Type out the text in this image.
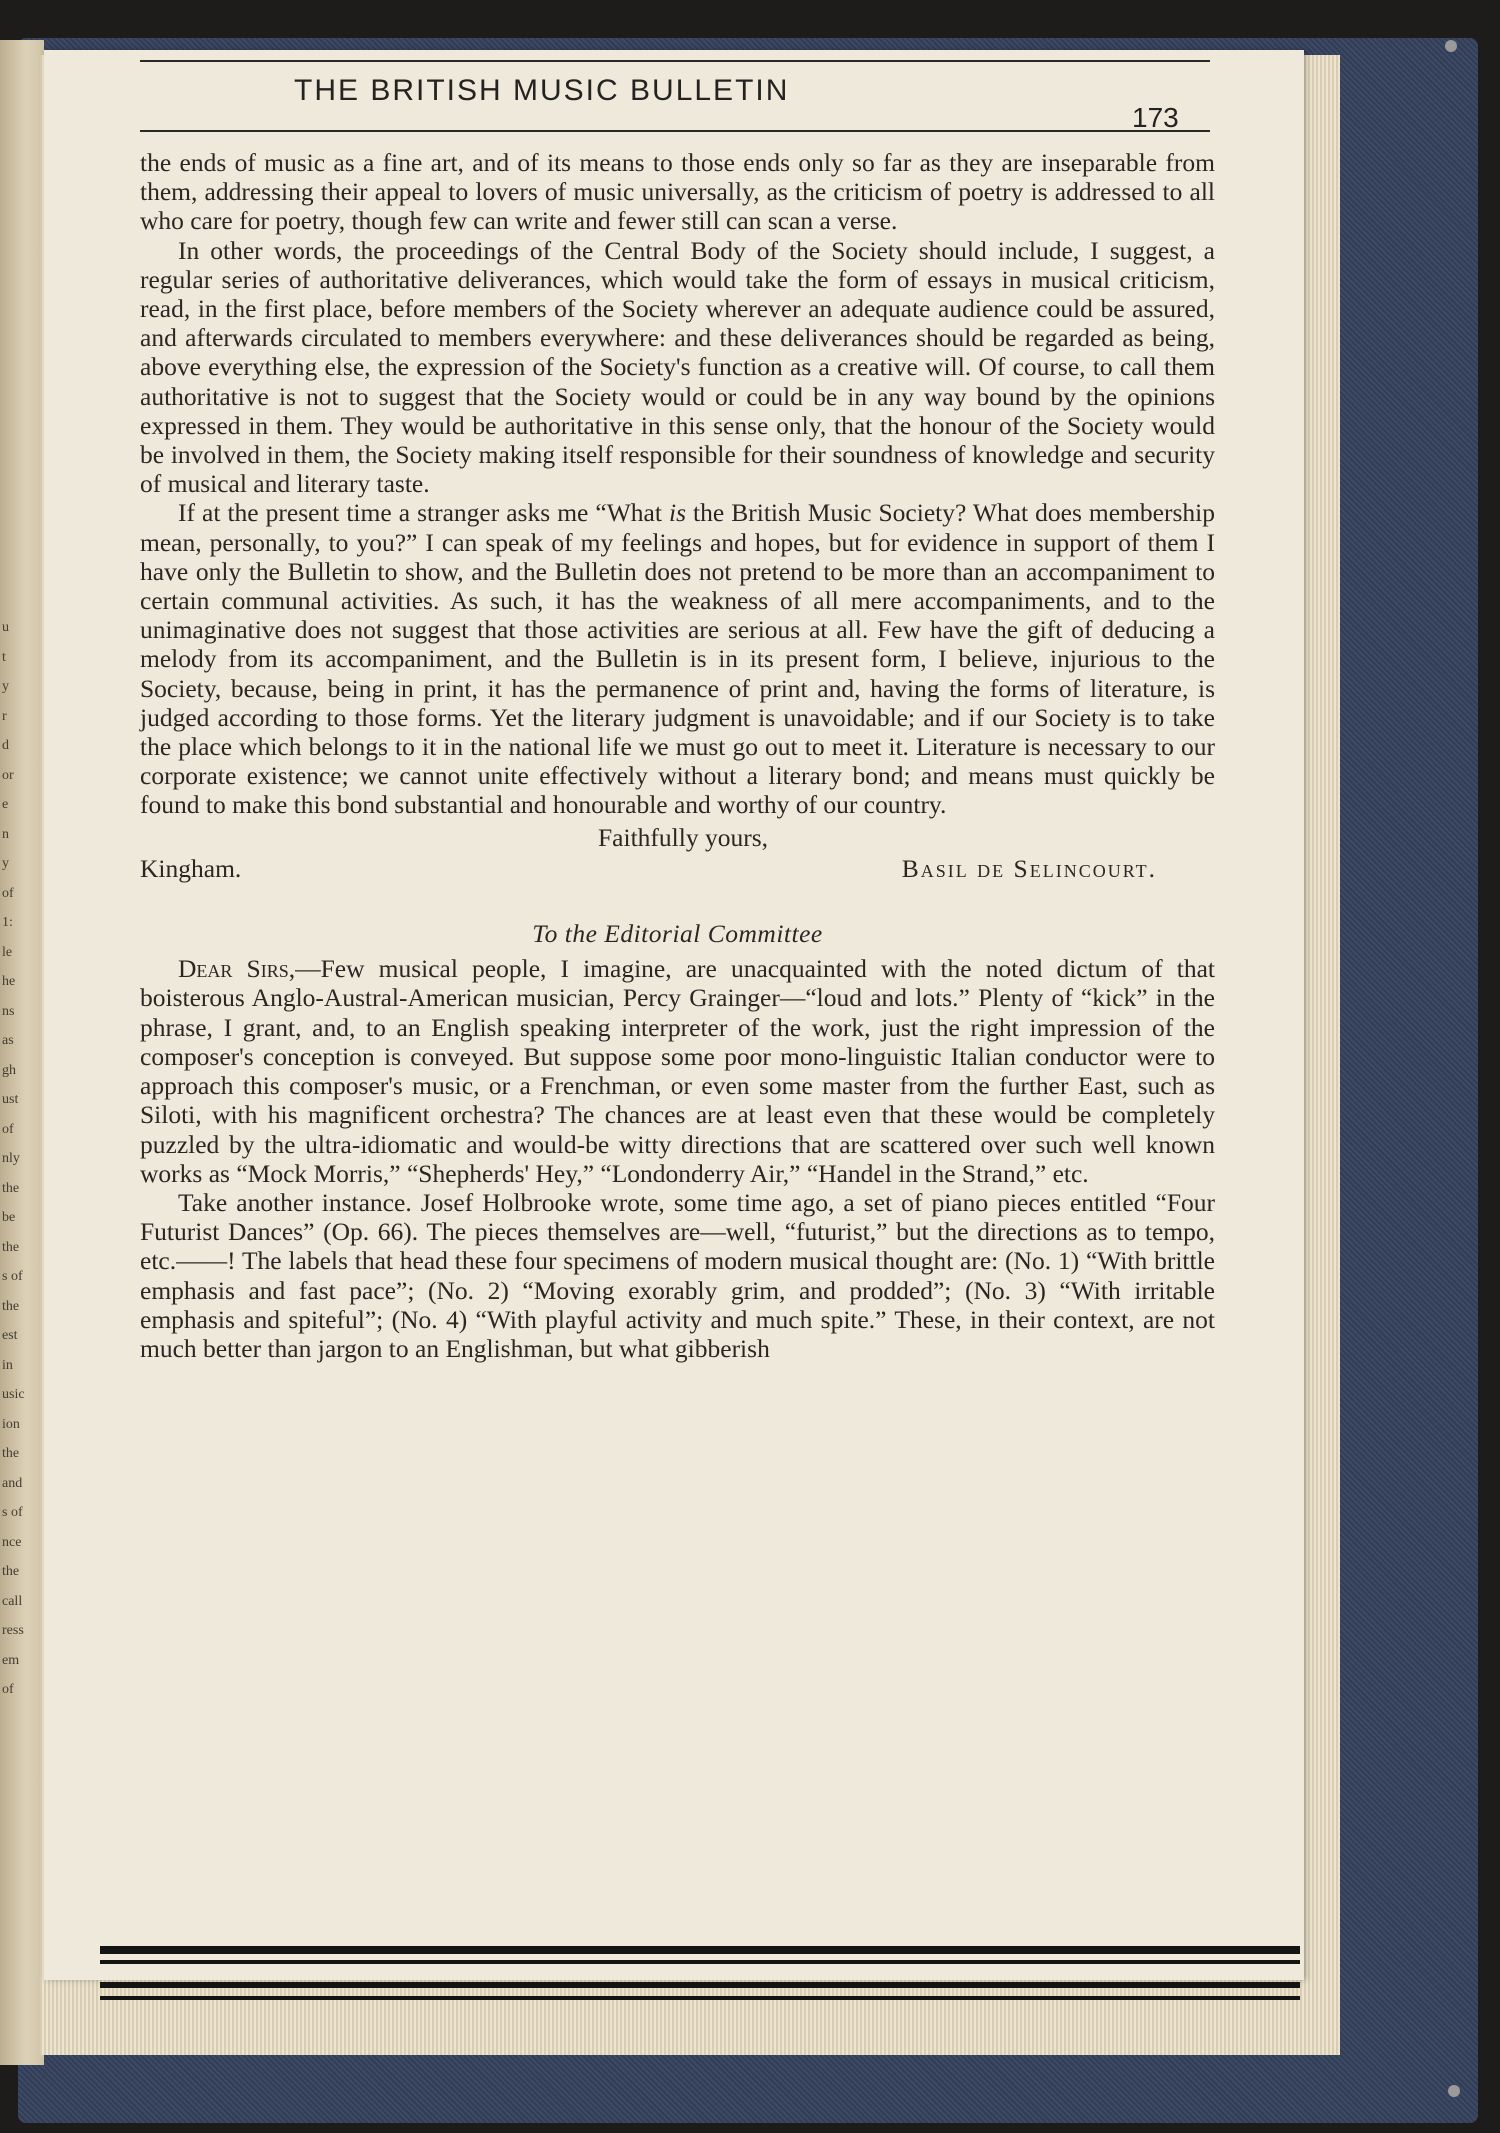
u
t
y
r
d
or
e
n
y
of
1:
le
he
ns
as
gh
ust
of
nly
the
be
the
s of
the
est
in
usic
ion
the
and
s of
nce
the
call
ress
em
of
THE BRITISH MUSIC BULLETIN
173

the ends of music as a fine art, and of its means to those ends only so far as they are inseparable from them, addressing their appeal to lovers of music universally, as the criticism of poetry is addressed to all who care for poetry, though few can write and fewer still can scan a verse.

In other words, the proceedings of the Central Body of the Society should include, I suggest, a regular series of authoritative deliverances, which would take the form of essays in musical criticism, read, in the first place, before members of the Society wherever an adequate audience could be assured, and afterwards circulated to members everywhere: and these deliverances should be regarded as being, above everything else, the expression of the Society's function as a creative will. Of course, to call them authoritative is not to suggest that the Society would or could be in any way bound by the opinions expressed in them. They would be authoritative in this sense only, that the honour of the Society would be involved in them, the Society making itself responsible for their soundness of knowledge and security of musical and literary taste.

If at the present time a stranger asks me “What is the British Music Society? What does membership mean, personally, to you?” I can speak of my feelings and hopes, but for evidence in support of them I have only the Bulletin to show, and the Bulletin does not pretend to be more than an accompaniment to certain communal activities. As such, it has the weakness of all mere accompaniments, and to the unimaginative does not suggest that those activities are serious at all. Few have the gift of deducing a melody from its accompaniment, and the Bulletin is in its present form, I believe, injurious to the Society, because, being in print, it has the permanence of print and, having the forms of literature, is judged according to those forms. Yet the literary judgment is unavoidable; and if our Society is to take the place which belongs to it in the national life we must go out to meet it. Literature is necessary to our corporate existence; we cannot unite effectively without a literary bond; and means must quickly be found to make this bond substantial and honourable and worthy of our country.

Faithfully yours,

Kingham.	Basil de Selincourt.

To the Editorial Committee

Dear Sirs,—Few musical people, I imagine, are unacquainted with the noted dictum of that boisterous Anglo-Austral-American musician, Percy Grainger—“loud and lots.” Plenty of “kick” in the phrase, I grant, and, to an English speaking interpreter of the work, just the right impression of the composer's conception is conveyed. But suppose some poor mono-linguistic Italian conductor were to approach this composer's music, or a Frenchman, or even some master from the further East, such as Siloti, with his magnificent orchestra? The chances are at least even that these would be completely puzzled by the ultra-idiomatic and would-be witty directions that are scattered over such well known works as “Mock Morris,” “Shepherds' Hey,” “Londonderry Air,” “Handel in the Strand,” etc.

Take another instance. Josef Holbrooke wrote, some time ago, a set of piano pieces entitled “Four Futurist Dances” (Op. 66). The pieces themselves are—well, “futurist,” but the directions as to tempo, etc.——! The labels that head these four specimens of modern musical thought are: (No. 1) “With brittle emphasis and fast pace”; (No. 2) “Moving exorably grim, and prodded”; (No. 3) “With irritable emphasis and spiteful”; (No. 4) “With playful activity and much spite.” These, in their context, are not much better than jargon to an Englishman, but what gibberish
